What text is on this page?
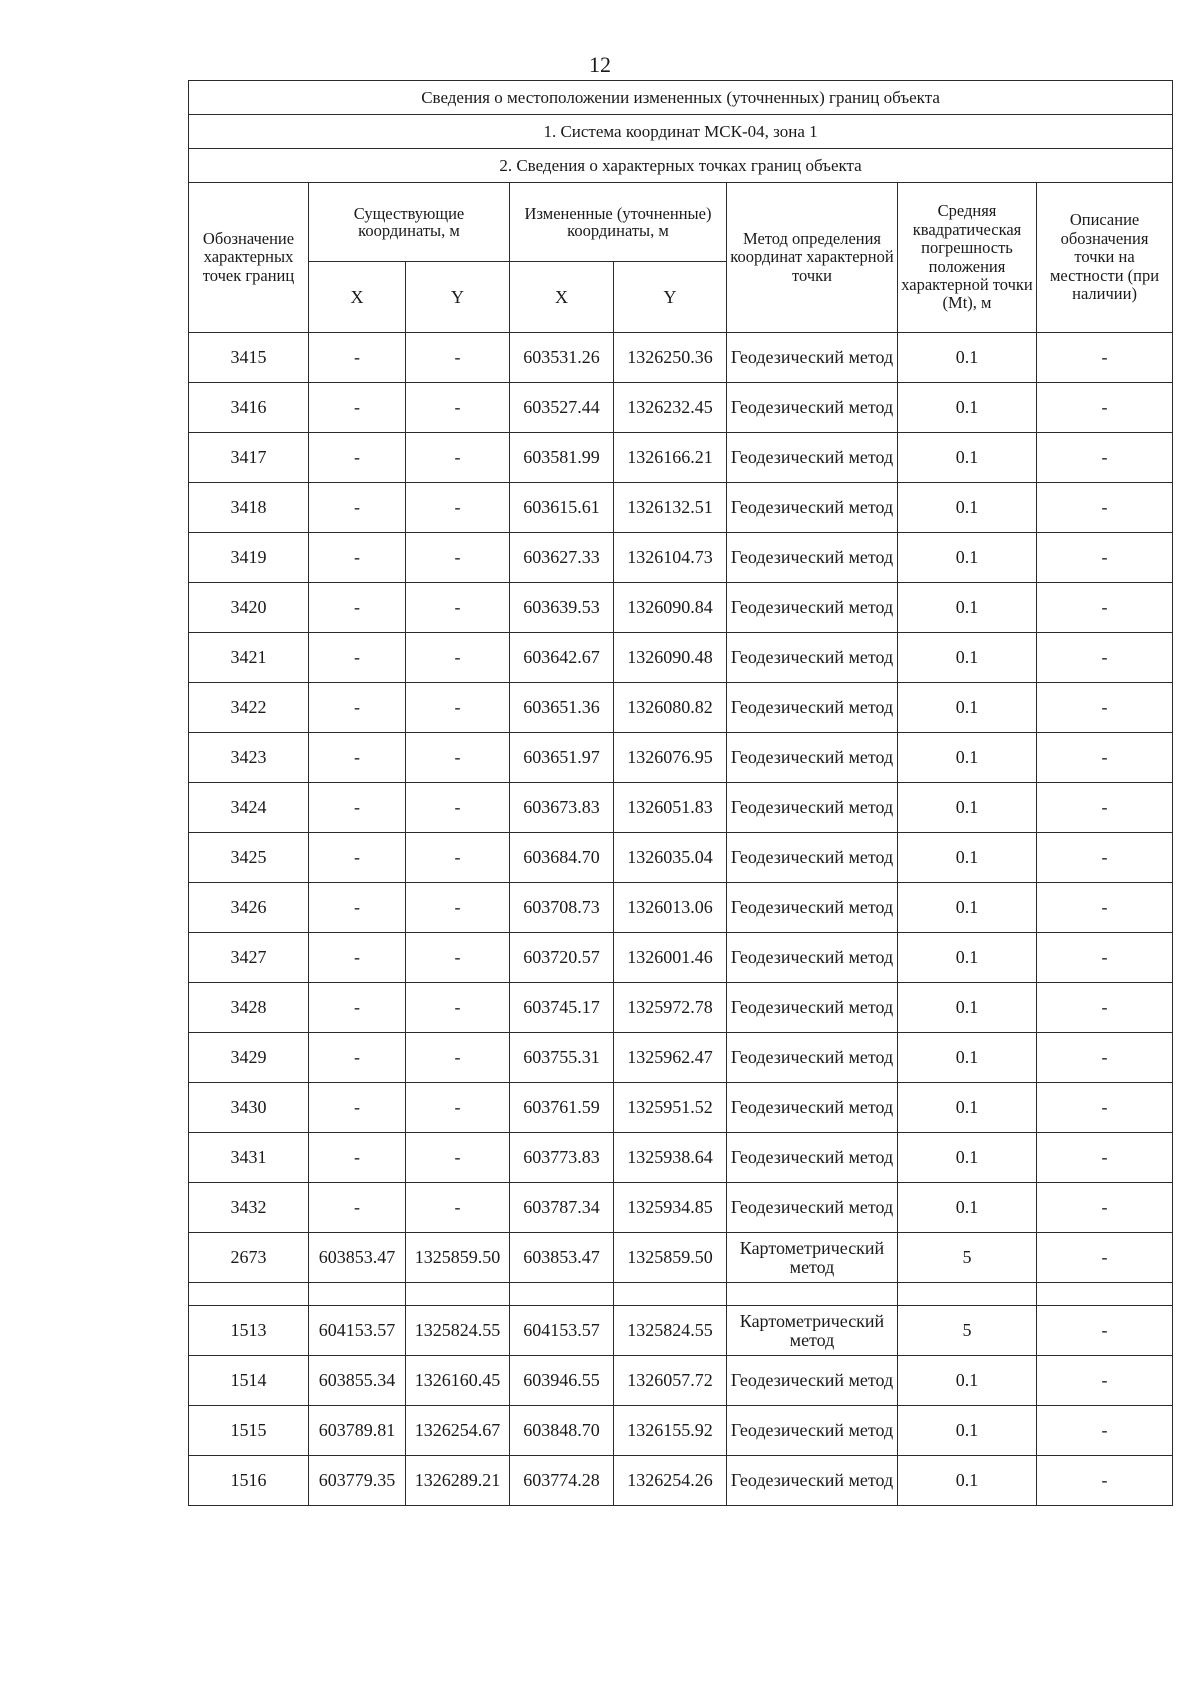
12
Сведения о местоположении измененных (уточненных) границ объекта							
1. Система координат МСК-04, зона 1							
2. Сведения о характерных точках границ объекта							
Обозначение характерных точек границ	Существующие координаты, м		Измененные (уточненные) координаты, м		Метод определения координат характерной точки	Средняя квадратическая погрешность положения характерной точки (Mt), м	Описание обозначения точки на местности (при наличии)
	X	Y	X	Y			
3415	-	-	603531.26	1326250.36	Геодезический метод	0.1	-
3416	-	-	603527.44	1326232.45	Геодезический метод	0.1	-
3417	-	-	603581.99	1326166.21	Геодезический метод	0.1	-
3418	-	-	603615.61	1326132.51	Геодезический метод	0.1	-
3419	-	-	603627.33	1326104.73	Геодезический метод	0.1	-
3420	-	-	603639.53	1326090.84	Геодезический метод	0.1	-
3421	-	-	603642.67	1326090.48	Геодезический метод	0.1	-
3422	-	-	603651.36	1326080.82	Геодезический метод	0.1	-
3423	-	-	603651.97	1326076.95	Геодезический метод	0.1	-
3424	-	-	603673.83	1326051.83	Геодезический метод	0.1	-
3425	-	-	603684.70	1326035.04	Геодезический метод	0.1	-
3426	-	-	603708.73	1326013.06	Геодезический метод	0.1	-
3427	-	-	603720.57	1326001.46	Геодезический метод	0.1	-
3428	-	-	603745.17	1325972.78	Геодезический метод	0.1	-
3429	-	-	603755.31	1325962.47	Геодезический метод	0.1	-
3430	-	-	603761.59	1325951.52	Геодезический метод	0.1	-
3431	-	-	603773.83	1325938.64	Геодезический метод	0.1	-
3432	-	-	603787.34	1325934.85	Геодезический метод	0.1	-
2673	603853.47	1325859.50	603853.47	1325859.50	Картометрический метод	5	-

1513	604153.57	1325824.55	604153.57	1325824.55	Картометрический метод	5	-
1514	603855.34	1326160.45	603946.55	1326057.72	Геодезический метод	0.1	-
1515	603789.81	1326254.67	603848.70	1326155.92	Геодезический метод	0.1	-
1516	603779.35	1326289.21	603774.28	1326254.26	Геодезический метод	0.1	-
